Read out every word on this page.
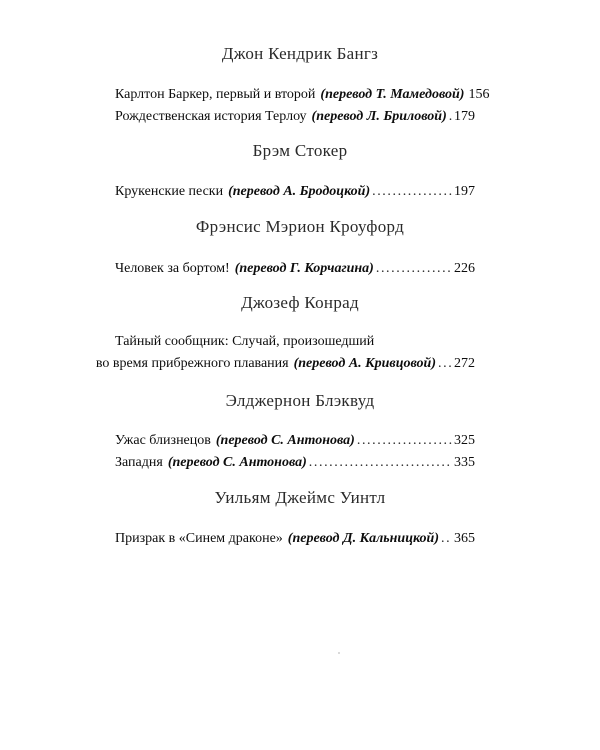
Джон Кендрик Бангз
Карлтон Баркер, первый и второй (перевод Т. Мамедовой) 156
Рождественская история Терлоу (перевод Л. Бриловой) ..... 179
Брэм Стокер
Крукенские пески (перевод А. Бродоцкой) .....	197
Фрэнсис Мэрион Кроуфорд
Человек за бортом! (перевод Г. Корчагина) .....	226
Джозеф Конрад
Тайный сообщник: Случай, произошедший
во время прибрежного плавания (перевод А. Кривцовой) ..... 272
Элджернон Блэквуд
Ужас близнецов (перевод С. Антонова) .....	325
Западня (перевод С. Антонова) .....	335
Уильям Джеймс Уинтл
Призрак в «Синем драконе» (перевод Д. Кальницкой) ..... 365
